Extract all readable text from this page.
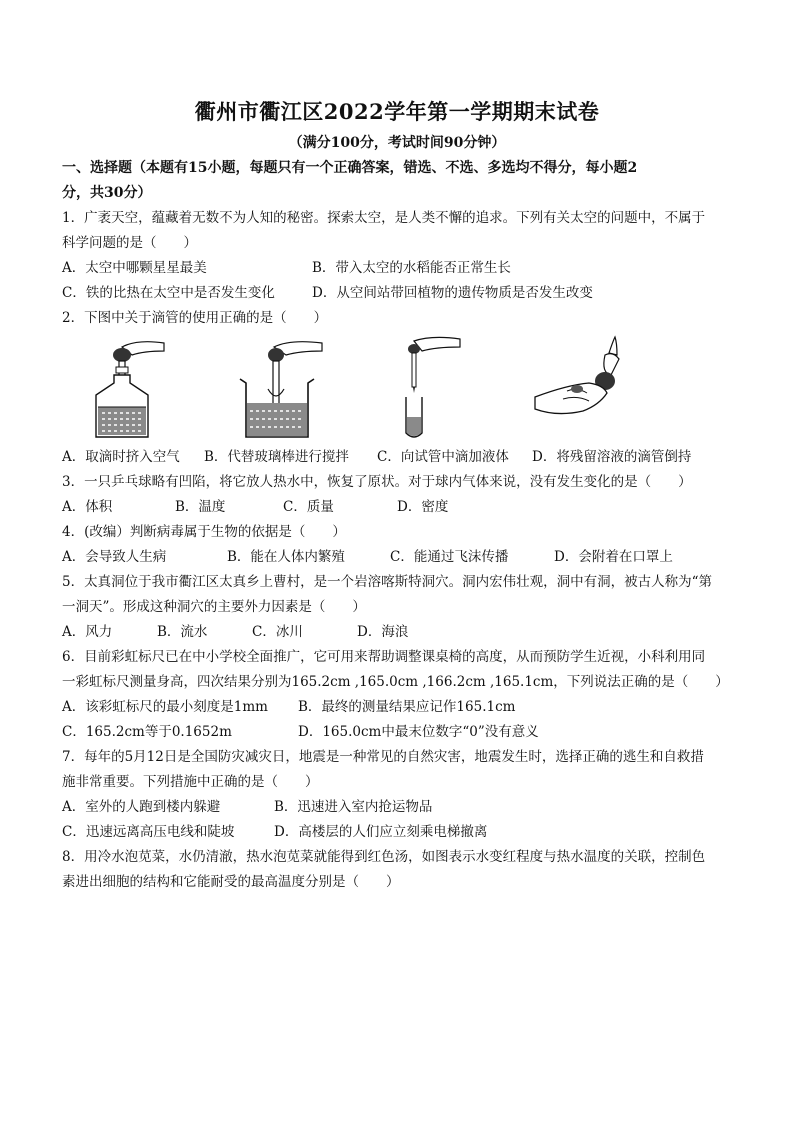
衢州市衢江区2022学年第一学期期末试卷
（满分100分，考试时间90分钟）
一、选择题（本题有15小题，每题只有一个正确答案，错选、不选、多选均不得分，每小题2
分，共30分）
1．广袤天空，蕴藏着无数不为人知的秘密。探索太空，是人类不懈的追求。下列有关太空的问题中，不属于
科学问题的是（　　）
A．太空中哪颗星星最美	B．带入太空的水稻能否正常生长
C．铁的比热在太空中是否发生变化	D．从空间站带回植物的遗传物质是否发生改变
2．下图中关于滴管的使用正确的是（　　）
A．取滴时挤入空气	B．代替玻璃棒进行搅拌	C．向试管中滴加液体	D．将残留溶液的滴管倒持
3．一只乒乓球略有凹陷，将它放人热水中，恢复了原状。对于球内气体来说，没有发生变化的是（　　）
A．体积	B．温度	C．质量	D．密度
4．(改编）判断病毒属于生物的依据是（　　）
A．会导致人生病	B．能在人体内繁殖	C．能通过飞沫传播	D．会附着在口罩上
5．太真洞位于我市衢江区太真乡上曹村，是一个岩溶喀斯特洞穴。洞内宏伟壮观，洞中有洞，被古人称为“第
一洞天”。形成这种洞穴的主要外力因素是（　　）
A．风力	B．流水	C．冰川	D．海浪
6．目前彩虹标尺已在中小学校全面推广，它可用来帮助调整课桌椅的高度，从而预防学生近视，小科利用同
一彩虹标尺测量身高，四次结果分别为165.2cm ,165.0cm ,166.2cm ,165.1cm，下列说法正确的是（　　）
A．该彩虹标尺的最小刻度是1mm	B．最终的测量结果应记作165.1cm
C．165.2cm等于0.1652m	D．165.0cm中最末位数字“0”没有意义
7．每年的5月12日是全国防灾减灾日，地震是一种常见的自然灾害，地震发生时，选择正确的逃生和自救措
施非常重要。下列措施中正确的是（　　）
A．室外的人跑到楼内躲避	B．迅速进入室内抢运物品
C．迅速远离高压电线和陡坡	D．高楼层的人们应立刻乘电梯撤离
8．用冷水泡苋菜，水仍清澈，热水泡苋菜就能得到红色汤，如图表示水变红程度与热水温度的关联，控制色
素进出细胞的结构和它能耐受的最高温度分别是（　　）
